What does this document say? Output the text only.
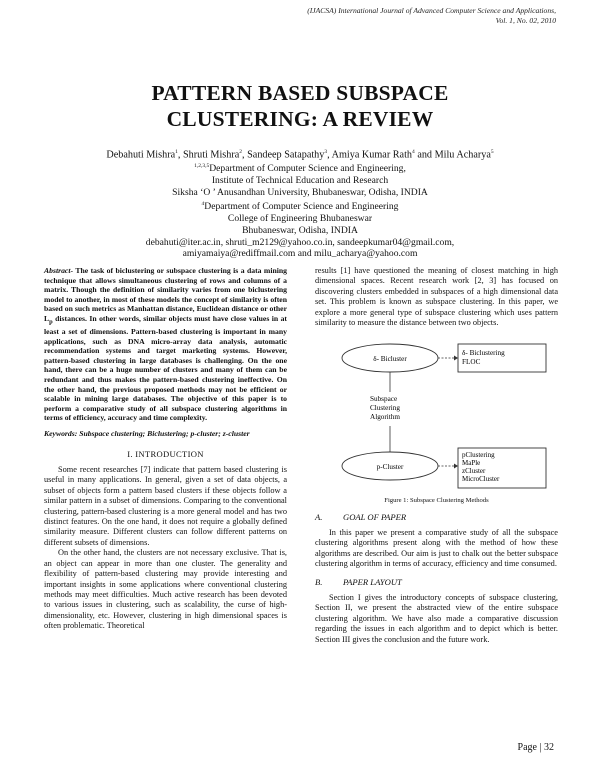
(IJACSA) International Journal of Advanced Computer Science and Applications,
Vol. 1, No. 02, 2010
PATTERN BASED SUBSPACE
CLUSTERING: A REVIEW
Debahuti Mishra$^1$, Shruti Mishra$^2$, Sandeep Satapathy$^3$, Amiya Kumar Rath$^4$ and Milu Acharya$^5$
$^{1,2,3,5}$Department of Computer Science and Engineering,
Institute of Technical Education and Research
Siksha ‘O ’ Anusandhan University, Bhubaneswar, Odisha, INDIA
$^4$Department of Computer Science and Engineering
College of Engineering Bhubaneswar
Bhubaneswar, Odisha, INDIA
debahuti@iter.ac.in, shruti_m2129@yahoo.co.in, sandeepkumar04@gmail.com,
amiyamaiya@rediffmail.com and milu_acharya@yahoo.com

Abstract- The task of biclustering or subspace clustering is a data mining technique that allows simultaneous clustering of rows and columns of a matrix. Though the definition of similarity varies from one biclustering model to another, in most of these models the concept of similarity is often based on such metrics as Manhattan distance, Euclidean distance or other $L_p$ distances. In other words, similar objects must have close values in at least a set of dimensions. Pattern-based clustering is important in many applications, such as DNA micro-array data analysis, automatic recommendation systems and target marketing systems. However, pattern-based clustering in large databases is challenging. On the one hand, there can be a huge number of clusters and many of them can be redundant and thus makes the pattern-based clustering ineffective. On the other hand, the previous proposed methods may not be efficient or scalable in mining large databases. The objective of this paper is to perform a comparative study of all subspace clustering algorithms in terms of efficiency, accuracy and time complexity.

Keywords: Subspace clustering; Biclustering; p-cluster; z-cluster

I. INTRODUCTION

Some recent researches [7] indicate that pattern based clustering is useful in many applications. In general, given a set of data objects, a subset of objects form a pattern based clusters if these objects follow a similar pattern in a subset of dimensions. Comparing to the conventional clustering, pattern-based clustering is a more general model and has two distinct features. On the one hand, it does not require a globally defined similarity measure. Different clusters can follow different patterns on different subsets of dimensions.

On the other hand, the clusters are not necessary exclusive. That is, an object can appear in more than one cluster. The generality and flexibility of pattern-based clustering may provide interesting and important insights in some applications where conventional clustering methods may meet difficulties. Much active research has been devoted to various issues in clustering, such as scalability, the curse of high-dimensionality, etc. However, clustering in high dimensional spaces is often problematic. Theoretical

results [1] have questioned the meaning of closest matching in high dimensional spaces. Recent research work [2, 3] has focused on discovering clusters embedded in subspaces of a high dimensional data set. This problem is known as subspace clustering. In this paper, we explore a more general type of subspace clustering which uses pattern similarity to measure the distance between two objects.

δ- Bicluster
δ- Biclustering
FLOC
Subspace
Clustering
Algorithm
p-Cluster
pClustering
MaPle
zCluster
MicroCluster
Figure 1: Subspace Clustering Methods

A. GOAL OF PAPER

In this paper we present a comparative study of all the subspace clustering algorithms present along with the method of how these algorithms are described. Our aim is just to chalk out the better subspace clustering algorithm in terms of accuracy, efficiency and time consumed.

B. PAPER LAYOUT

Section I gives the introductory concepts of subspace clustering, Section II, we present the abstracted view of the entire subspace clustering algorithm. We have also made a comparative discussion regarding the issues in each algorithm and to depict which is better. Section III gives the conclusion and the future work.

Page | 32
